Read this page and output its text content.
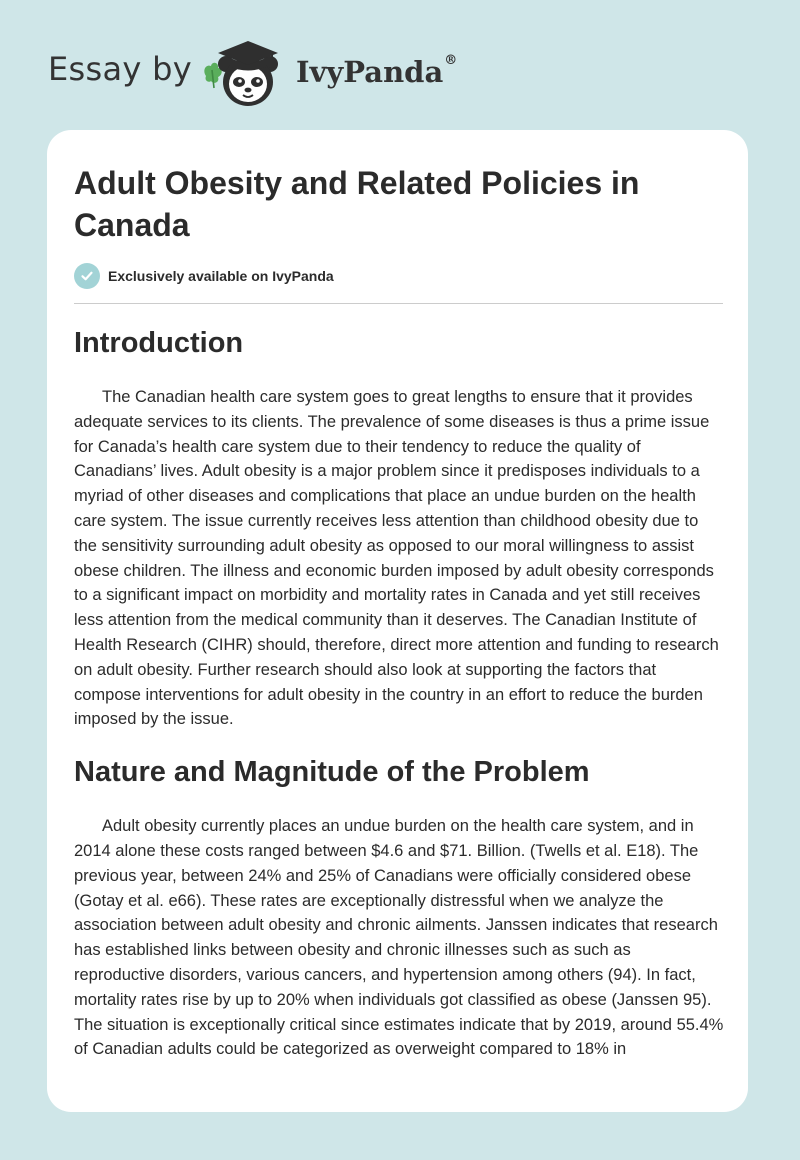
Essay by	IvyPanda®
Adult Obesity and Related Policies in Canada
Exclusively available on IvyPanda
Introduction

The Canadian health care system goes to great lengths to ensure that it provides adequate services to its clients. The prevalence of some diseases is thus a prime issue for Canada’s health care system due to their tendency to reduce the quality of Canadians’ lives. Adult obesity is a major problem since it predisposes individuals to a myriad of other diseases and complications that place an undue burden on the health care system. The issue currently receives less attention than childhood obesity due to the sensitivity surrounding adult obesity as opposed to our moral willingness to assist obese children. The illness and economic burden imposed by adult obesity corresponds to a significant impact on morbidity and mortality rates in Canada and yet still receives less attention from the medical community than it deserves. The Canadian Institute of Health Research (CIHR) should, therefore, direct more attention and funding to research on adult obesity. Further research should also look at supporting the factors that compose interventions for adult obesity in the country in an effort to reduce the burden imposed by the issue.

Nature and Magnitude of the Problem

Adult obesity currently places an undue burden on the health care system, and in 2014 alone these costs ranged between $4.6 and $71. Billion. (Twells et al. E18). The previous year, between 24% and 25% of Canadians were officially considered obese (Gotay et al. e66). These rates are exceptionally distressful when we analyze the association between adult obesity and chronic ailments. Janssen indicates that research has established links between obesity and chronic illnesses such as such as reproductive disorders, various cancers, and hypertension among others (94). In fact, mortality rates rise by up to 20% when individuals got classified as obese (Janssen 95). The situation is exceptionally critical since estimates indicate that by 2019, around 55.4% of Canadian adults could be categorized as overweight compared to 18% in
